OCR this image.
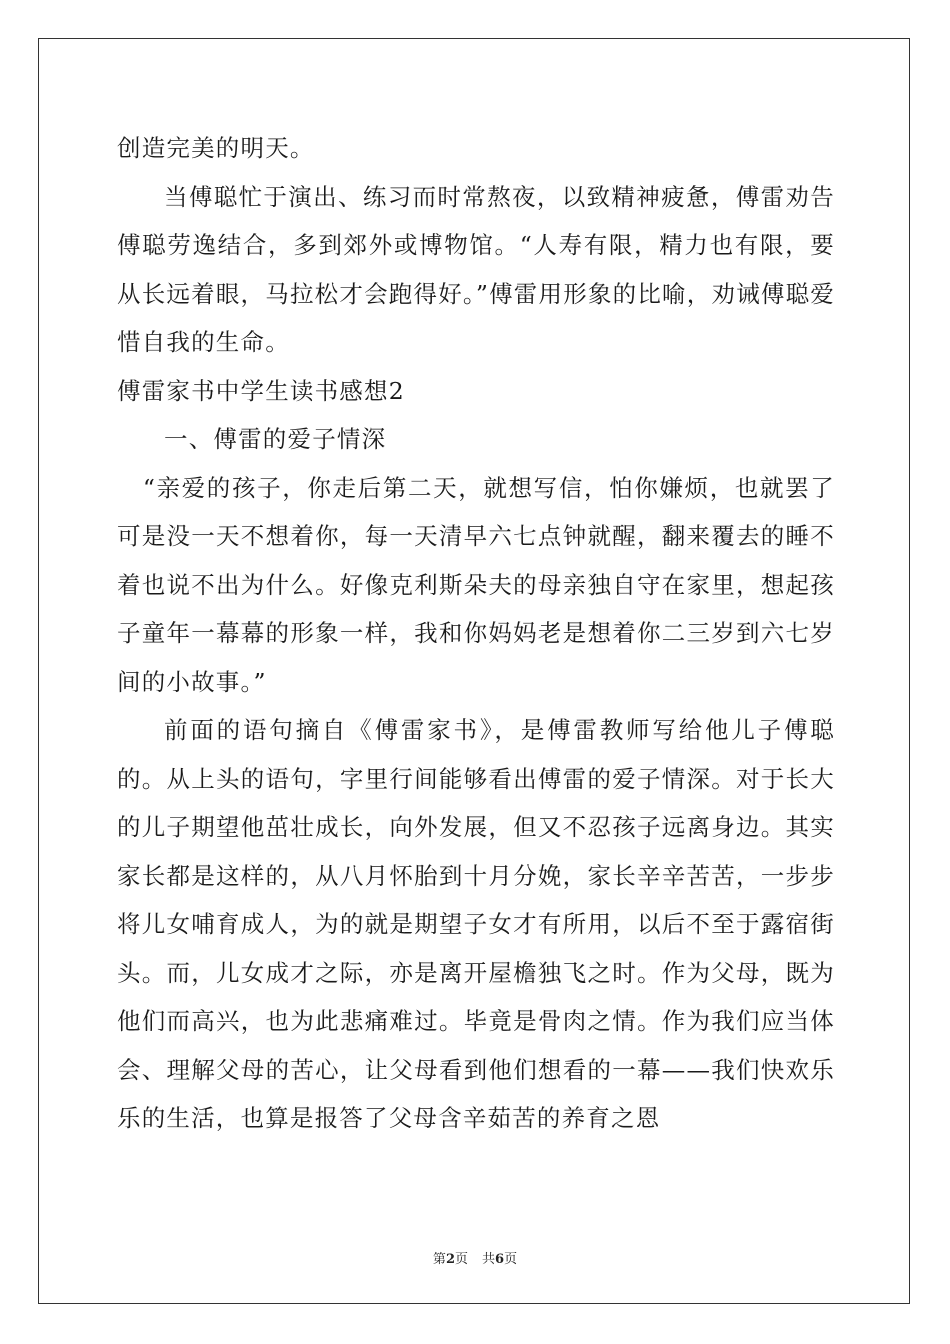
创造完美的明天。

当傅聪忙于演出、练习而时常熬夜，以致精神疲惫，傅雷劝告傅聪劳逸结合，多到郊外或博物馆。“人寿有限，精力也有限，要从长远着眼，马拉松才会跑得好。”傅雷用形象的比喻，劝诫傅聪爱惜自我的生命。

傅雷家书中学生读书感想2

一、傅雷的爱子情深

“亲爱的孩子，你走后第二天，就想写信，怕你嫌烦，也就罢了可是没一天不想着你，每一天清早六七点钟就醒，翻来覆去的睡不着也说不出为什么。好像克利斯朵夫的母亲独自守在家里，想起孩子童年一幕幕的形象一样，我和你妈妈老是想着你二三岁到六七岁间的小故事。”

前面的语句摘自《傅雷家书》，是傅雷教师写给他儿子傅聪的。从上头的语句，字里行间能够看出傅雷的爱子情深。对于长大的儿子期望他茁壮成长，向外发展，但又不忍孩子远离身边。其实家长都是这样的，从八月怀胎到十月分娩，家长辛辛苦苦，一步步将儿女哺育成人，为的就是期望子女才有所用，以后不至于露宿街头。而，儿女成才之际，亦是离开屋檐独飞之时。作为父母，既为他们而高兴，也为此悲痛难过。毕竟是骨肉之情。作为我们应当体会、理解父母的苦心，让父母看到他们想看的一幕——我们快欢乐乐的生活，也算是报答了父母含辛茹苦的养育之恩

第2页 共6页
